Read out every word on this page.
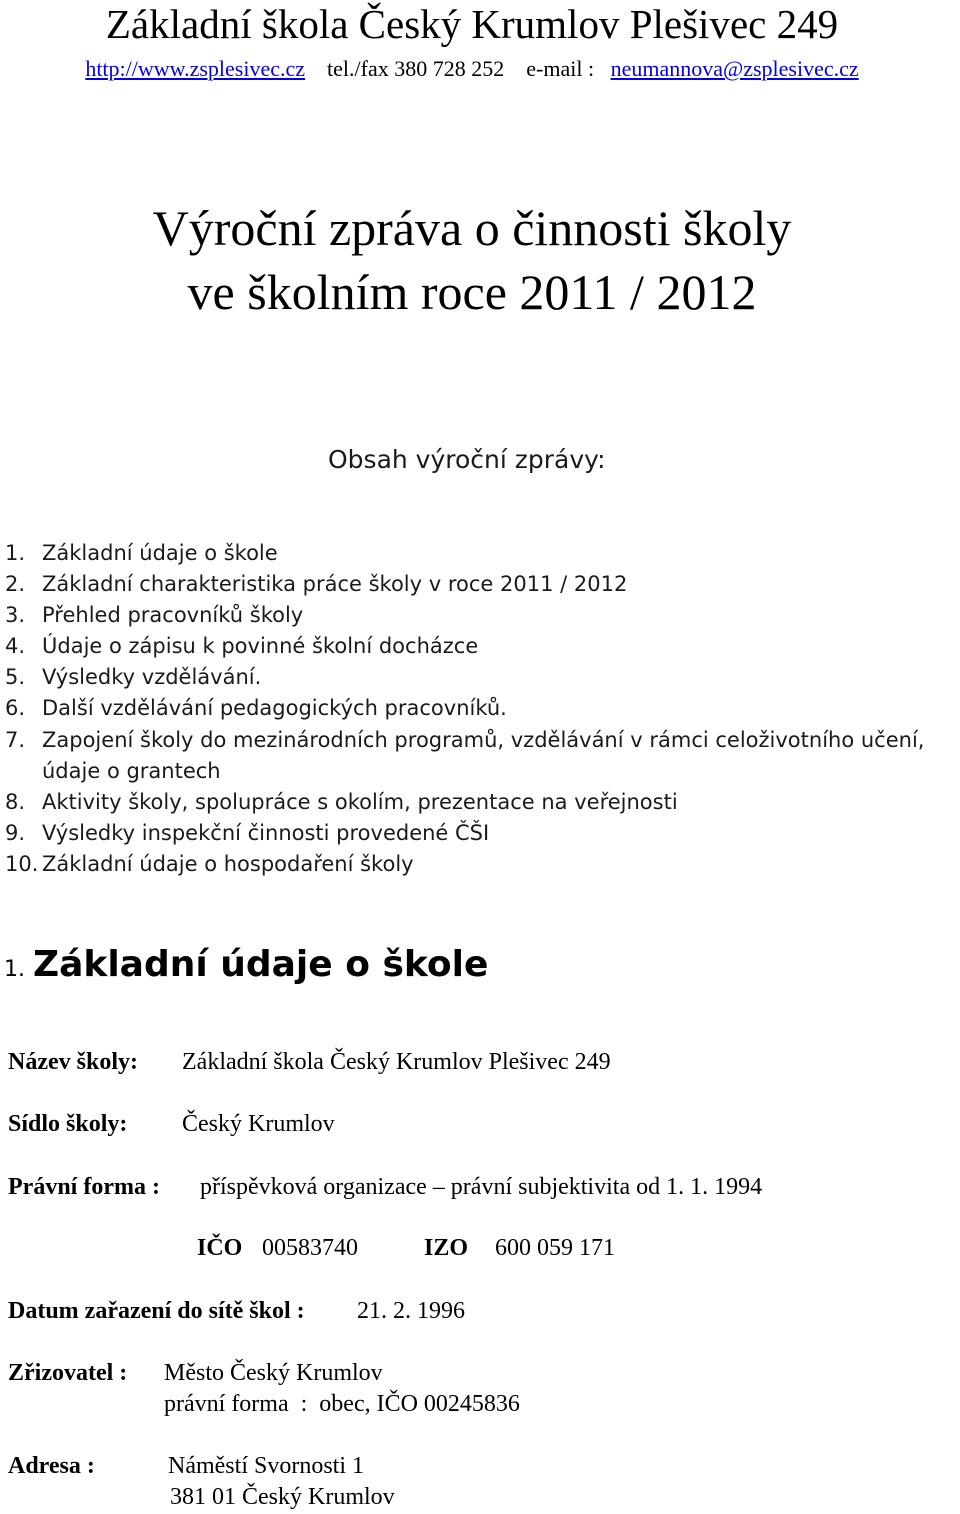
Základní škola Český Krumlov Plešivec 249
http://www.zsplesivec.cz tel./fax 380 728 252 e-mail : neumannova@zsplesivec.cz
Výroční zpráva o činnosti školy
ve školním roce 2011 / 2012
Obsah výroční zprávy:
1. Základní údaje o škole
2. Základní charakteristika práce školy v roce 2011 / 2012
3. Přehled pracovníků školy
4. Údaje o zápisu k povinné školní docházce
5. Výsledky vzdělávání.
6. Další vzdělávání pedagogických pracovníků.
7. Zapojení školy do mezinárodních programů, vzdělávání v rámci celoživotního učení,
údaje o grantech
8. Aktivity školy, spolupráce s okolím, prezentace na veřejnosti
9. Výsledky inspekční činnosti provedené ČŠI
10. Základní údaje o hospodaření školy
1. Základní údaje o škole
Název školy: Základní škola Český Krumlov Plešivec 249
Sídlo školy: Český Krumlov
Právní forma : příspěvková organizace – právní subjektivita od 1. 1. 1994
IČO 00583740	IZO 600 059 171
Datum zařazení do sítě škol : 21. 2. 1996
Zřizovatel : Město Český Krumlov
právní forma  :  obec, IČO 00245836
Adresa :	Náměstí Svornosti 1
381 01 Český Krumlov
